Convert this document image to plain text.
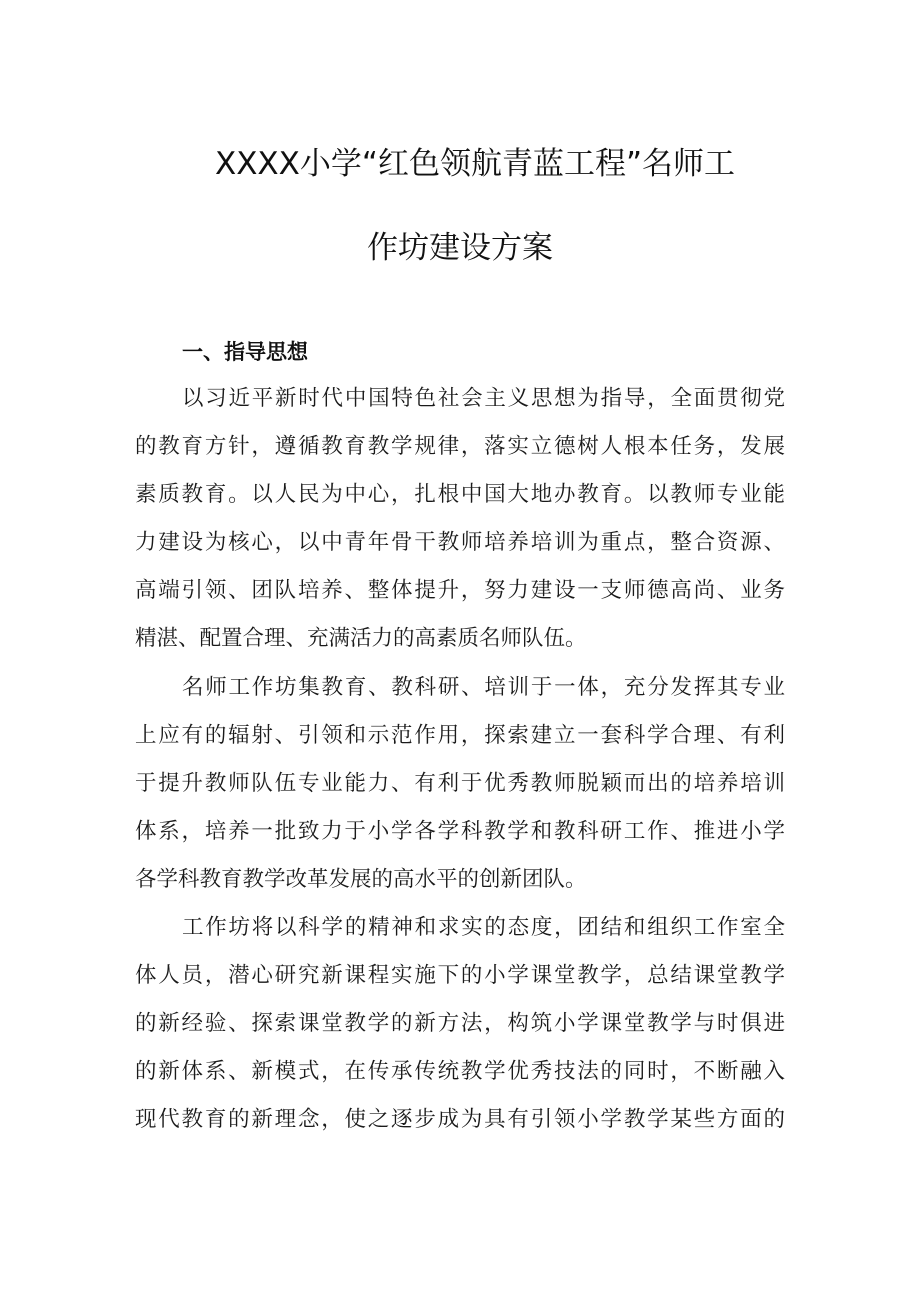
XXXX小学“红色领航青蓝工程”名师工
作坊建设方案
一、指导思想
以习近平新时代中国特色社会主义思想为指导，全面贯彻党
的教育方针，遵循教育教学规律，落实立德树人根本任务，发展
素质教育。以人民为中心，扎根中国大地办教育。以教师专业能
力建设为核心，以中青年骨干教师培养培训为重点，整合资源、
高端引领、团队培养、整体提升，努力建设一支师德高尚、业务
精湛、配置合理、充满活力的高素质名师队伍。
名师工作坊集教育、教科研、培训于一体，充分发挥其专业
上应有的辐射、引领和示范作用，探索建立一套科学合理、有利
于提升教师队伍专业能力、有利于优秀教师脱颖而出的培养培训
体系，培养一批致力于小学各学科教学和教科研工作、推进小学
各学科教育教学改革发展的高水平的创新团队。
工作坊将以科学的精神和求实的态度，团结和组织工作室全
体人员，潜心研究新课程实施下的小学课堂教学，总结课堂教学
的新经验、探索课堂教学的新方法，构筑小学课堂教学与时俱进
的新体系、新模式，在传承传统教学优秀技法的同时，不断融入
现代教育的新理念，使之逐步成为具有引领小学教学某些方面的
